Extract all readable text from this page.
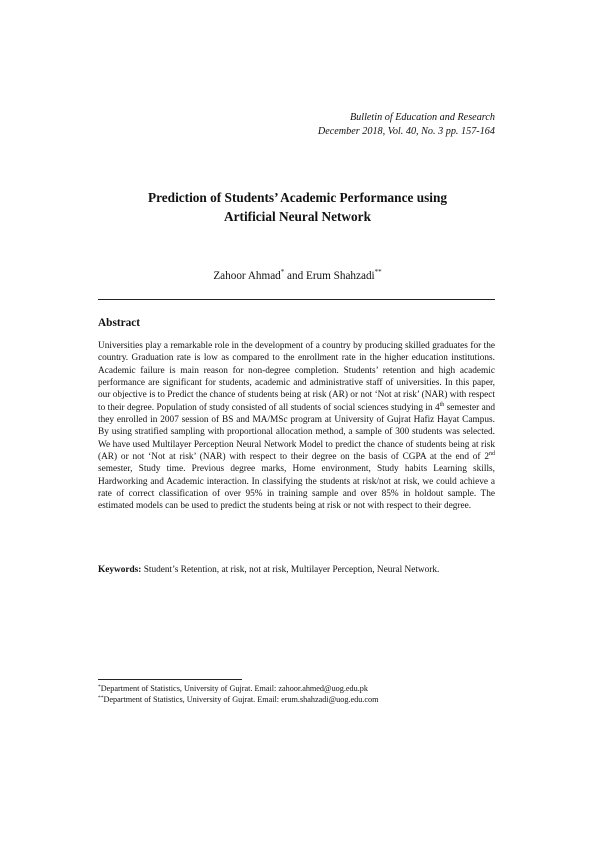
Bulletin of Education and Research
December 2018, Vol. 40, No. 3 pp. 157-164
Prediction of Students’ Academic Performance using
Artificial Neural Network
Zahoor Ahmad* and Erum Shahzadi**
Abstract
Universities play a remarkable role in the development of a country by producing skilled graduates for the country. Graduation rate is low as compared to the enrollment rate in the higher education institutions. Academic failure is main reason for non-degree completion. Students’ retention and high academic performance are significant for students, academic and administrative staff of universities. In this paper, our objective is to Predict the chance of students being at risk (AR) or not ‘Not at risk’ (NAR) with respect to their degree. Population of study consisted of all students of social sciences studying in 4th semester and they enrolled in 2007 session of BS and MA/MSc program at University of Gujrat Hafiz Hayat Campus. By using stratified sampling with proportional allocation method, a sample of 300 students was selected. We have used Multilayer Perception Neural Network Model to predict the chance of students being at risk (AR) or not ‘Not at risk’ (NAR) with respect to their degree on the basis of CGPA at the end of 2nd semester, Study time. Previous degree marks, Home environment, Study habits Learning skills, Hardworking and Academic interaction. In classifying the students at risk/not at risk, we could achieve a rate of correct classification of over 95% in training sample and over 85% in holdout sample. The estimated models can be used to predict the students being at risk or not with respect to their degree.
Keywords: Student’s Retention, at risk, not at risk, Multilayer Perception, Neural Network.
*Department of Statistics, University of Gujrat. Email: zahoor.ahmed@uog.edu.pk
**Department of Statistics, University of Gujrat. Email: erum.shahzadi@uog.edu.com
